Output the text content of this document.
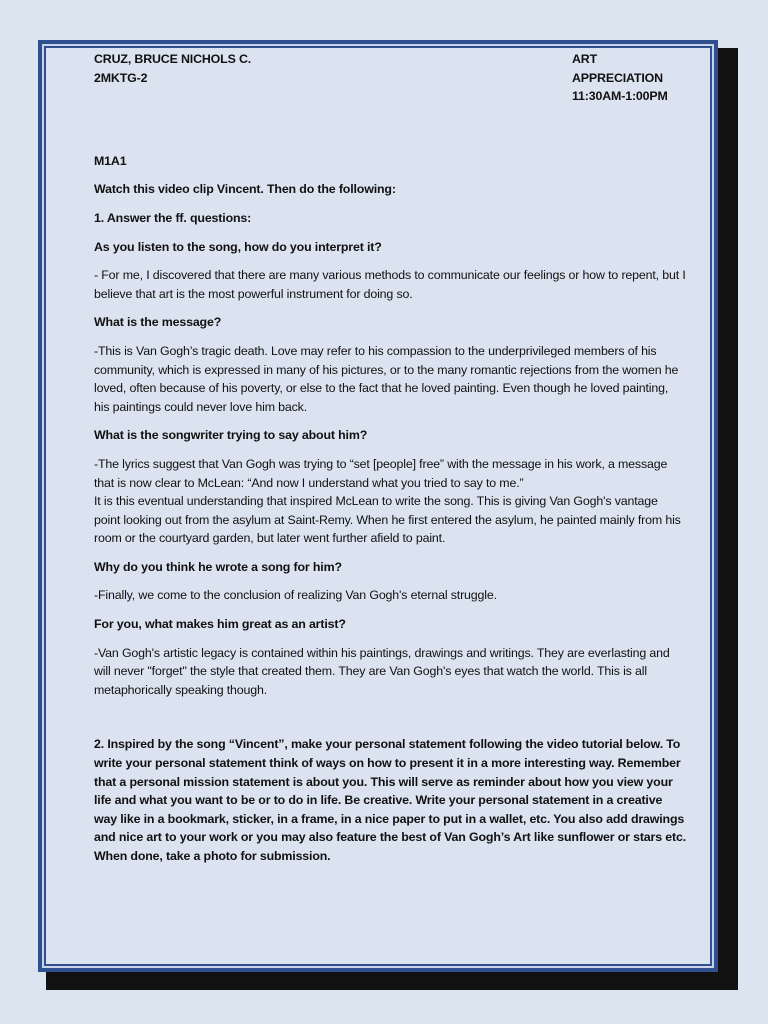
CRUZ, BRUCE NICHOLS C.
2MKTG-2
ART APPRECIATION
11:30AM-1:00PM

M1A1

Watch this video clip Vincent. Then do the following:

1. Answer the ff. questions:

As you listen to the song, how do you interpret it?

- For me, I discovered that there are many various methods to communicate our feelings or how to repent, but I believe that art is the most powerful instrument for doing so.

What is the message?

-This is Van Gogh’s tragic death. Love may refer to his compassion to the underprivileged members of his community, which is expressed in many of his pictures, or to the many romantic rejections from the women he loved, often because of his poverty, or else to the fact that he loved painting. Even though he loved painting, his paintings could never love him back.

What is the songwriter trying to say about him?

-The lyrics suggest that Van Gogh was trying to “set [people] free” with the message in his work, a message that is now clear to McLean: “And now I understand what you tried to say to me.”

It is this eventual understanding that inspired McLean to write the song. This is giving Van Gogh's vantage point looking out from the asylum at Saint-Remy. When he first entered the asylum, he painted mainly from his room or the courtyard garden, but later went further afield to paint.

Why do you think he wrote a song for him?

-Finally, we come to the conclusion of realizing Van Gogh's eternal struggle.

For you, what makes him great as an artist?

-Van Gogh's artistic legacy is contained within his paintings, drawings and writings. They are everlasting and will never "forget" the style that created them. They are Van Gogh's eyes that watch the world. This is all metaphorically speaking though.

2. Inspired by the song “Vincent”, make your personal statement following the video tutorial below. To write your personal statement think of ways on how to present it in a more interesting way. Remember that a personal mission statement is about you. This will serve as reminder about how you view your life and what you want to be or to do in life. Be creative. Write your personal statement in a creative way like in a bookmark, sticker, in a frame, in a nice paper to put in a wallet, etc. You also add drawings and nice art to your work or you may also feature the best of Van Gogh’s Art like sunflower or stars etc. When done, take a photo for submission.
